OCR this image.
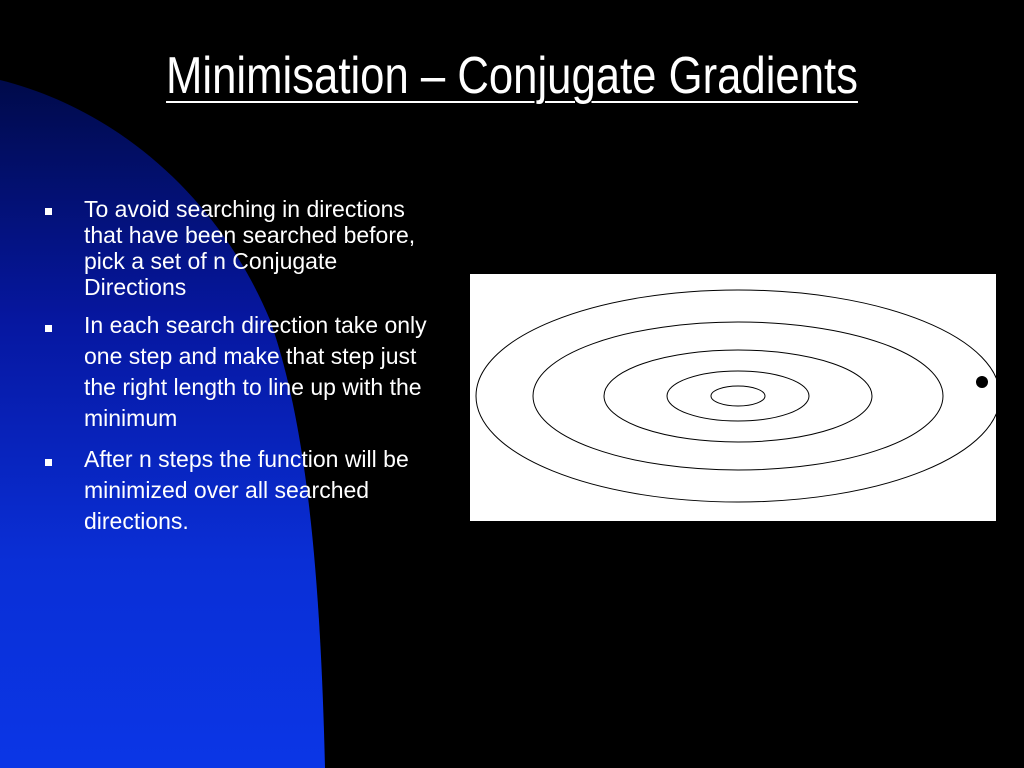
Minimisation – Conjugate Gradients
To avoid searching in directions that have been searched before, pick a set of n Conjugate Directions
In each search direction take only one step and make that step just the right length to line up with the minimum
After n steps the function will be minimized over all searched directions.
